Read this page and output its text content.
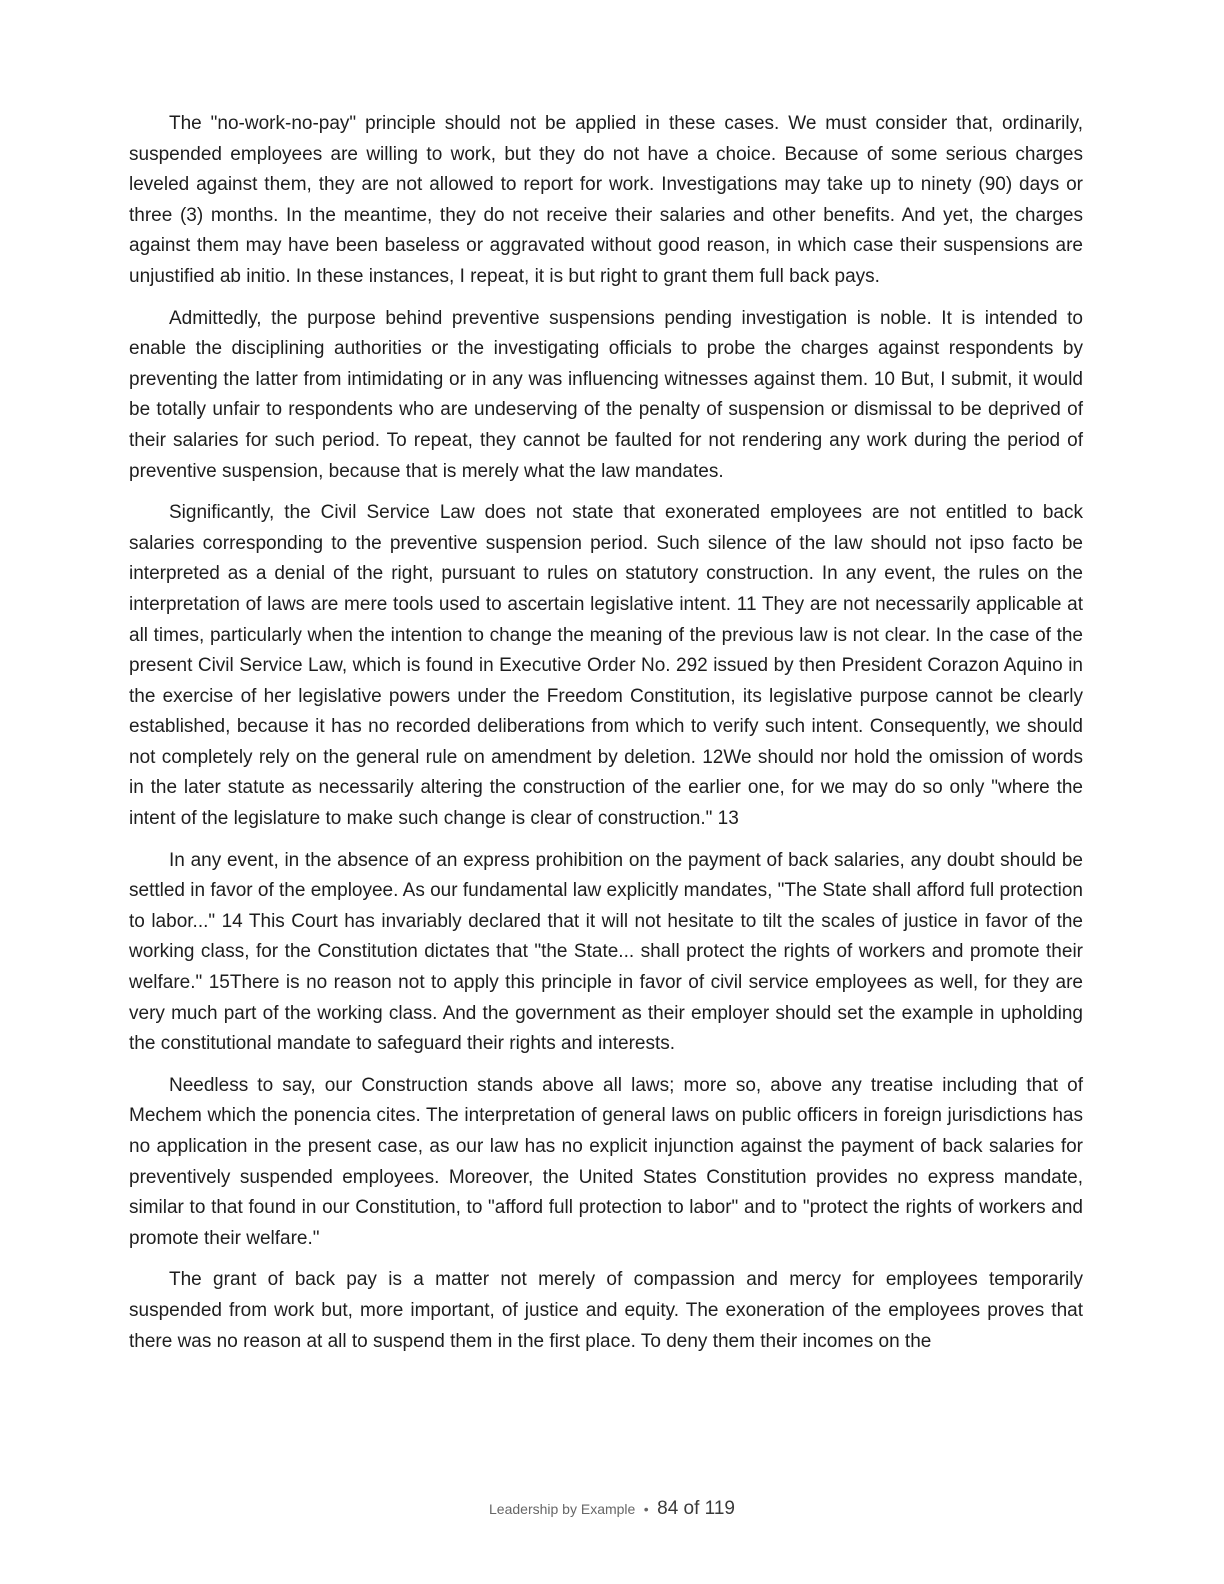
The "no-work-no-pay" principle should not be applied in these cases. We must consider that, ordinarily, suspended employees are willing to work, but they do not have a choice. Because of some serious charges leveled against them, they are not allowed to report for work. Investigations may take up to ninety (90) days or three (3) months. In the meantime, they do not receive their salaries and other benefits. And yet, the charges against them may have been baseless or aggravated without good reason, in which case their suspensions are unjustified ab initio. In these instances, I repeat, it is but right to grant them full back pays.

Admittedly, the purpose behind preventive suspensions pending investigation is noble. It is intended to enable the disciplining authorities or the investigating officials to probe the charges against respondents by preventing the latter from intimidating or in any was influencing witnesses against them. 10 But, I submit, it would be totally unfair to respondents who are undeserving of the penalty of suspension or dismissal to be deprived of their salaries for such period. To repeat, they cannot be faulted for not rendering any work during the period of preventive suspension, because that is merely what the law mandates.

Significantly, the Civil Service Law does not state that exonerated employees are not entitled to back salaries corresponding to the preventive suspension period. Such silence of the law should not ipso facto be interpreted as a denial of the right, pursuant to rules on statutory construction. In any event, the rules on the interpretation of laws are mere tools used to ascertain legislative intent. 11 They are not necessarily applicable at all times, particularly when the intention to change the meaning of the previous law is not clear. In the case of the present Civil Service Law, which is found in Executive Order No. 292 issued by then President Corazon Aquino in the exercise of her legislative powers under the Freedom Constitution, its legislative purpose cannot be clearly established, because it has no recorded deliberations from which to verify such intent. Consequently, we should not completely rely on the general rule on amendment by deletion. 12We should nor hold the omission of words in the later statute as necessarily altering the construction of the earlier one, for we may do so only "where the intent of the legislature to make such change is clear of construction." 13

In any event, in the absence of an express prohibition on the payment of back salaries, any doubt should be settled in favor of the employee. As our fundamental law explicitly mandates, "The State shall afford full protection to labor..." 14 This Court has invariably declared that it will not hesitate to tilt the scales of justice in favor of the working class, for the Constitution dictates that "the State... shall protect the rights of workers and promote their welfare." 15There is no reason not to apply this principle in favor of civil service employees as well, for they are very much part of the working class. And the government as their employer should set the example in upholding the constitutional mandate to safeguard their rights and interests.

Needless to say, our Construction stands above all laws; more so, above any treatise including that of Mechem which the ponencia cites. The interpretation of general laws on public officers in foreign jurisdictions has no application in the present case, as our law has no explicit injunction against the payment of back salaries for preventively suspended employees. Moreover, the United States Constitution provides no express mandate, similar to that found in our Constitution, to "afford full protection to labor" and to "protect the rights of workers and promote their welfare."

The grant of back pay is a matter not merely of compassion and mercy for employees temporarily suspended from work but, more important, of justice and equity. The exoneration of the employees proves that there was no reason at all to suspend them in the first place. To deny them their incomes on the

Leadership by Example • 84 of 119
